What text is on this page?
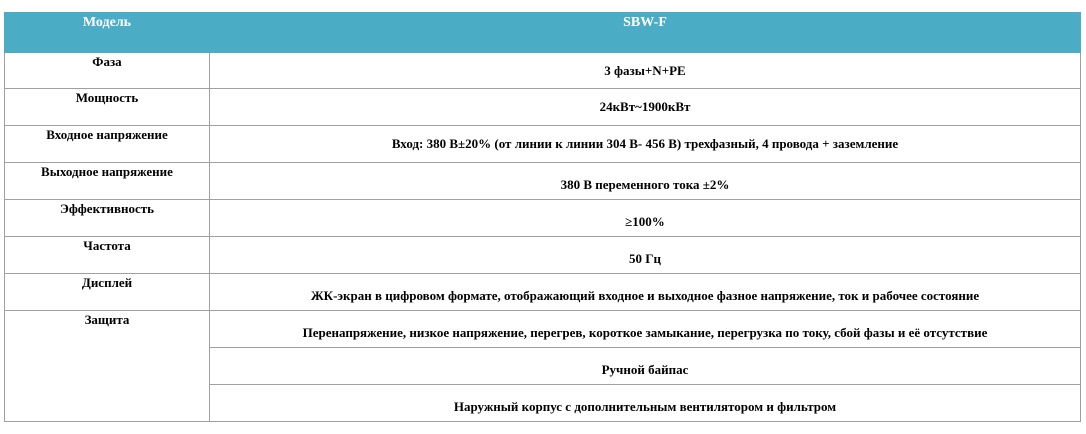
Модель	SBW-F
Фаза	3 фазы+N+PE
Мощность	24кВт~1900кВт
Входное напряжение	Вход: 380 В±20% (от линии к линии 304 В- 456 В) трехфазный, 4 провода + заземление
Выходное напряжение	380 В переменного тока ±2%
Эффективность	≥100%
Частота	50 Гц
Дисплей	ЖК-экран в цифровом формате, отображающий входное и выходное фазное напряжение, ток и рабочее состояние
Защита	Перенапряжение, низкое напряжение, перегрев, короткое замыкание, перегрузка по току, сбой фазы и её отсутствие
	Ручной байпас
	Наружный корпус с дополнительным вентилятором и фильтром
